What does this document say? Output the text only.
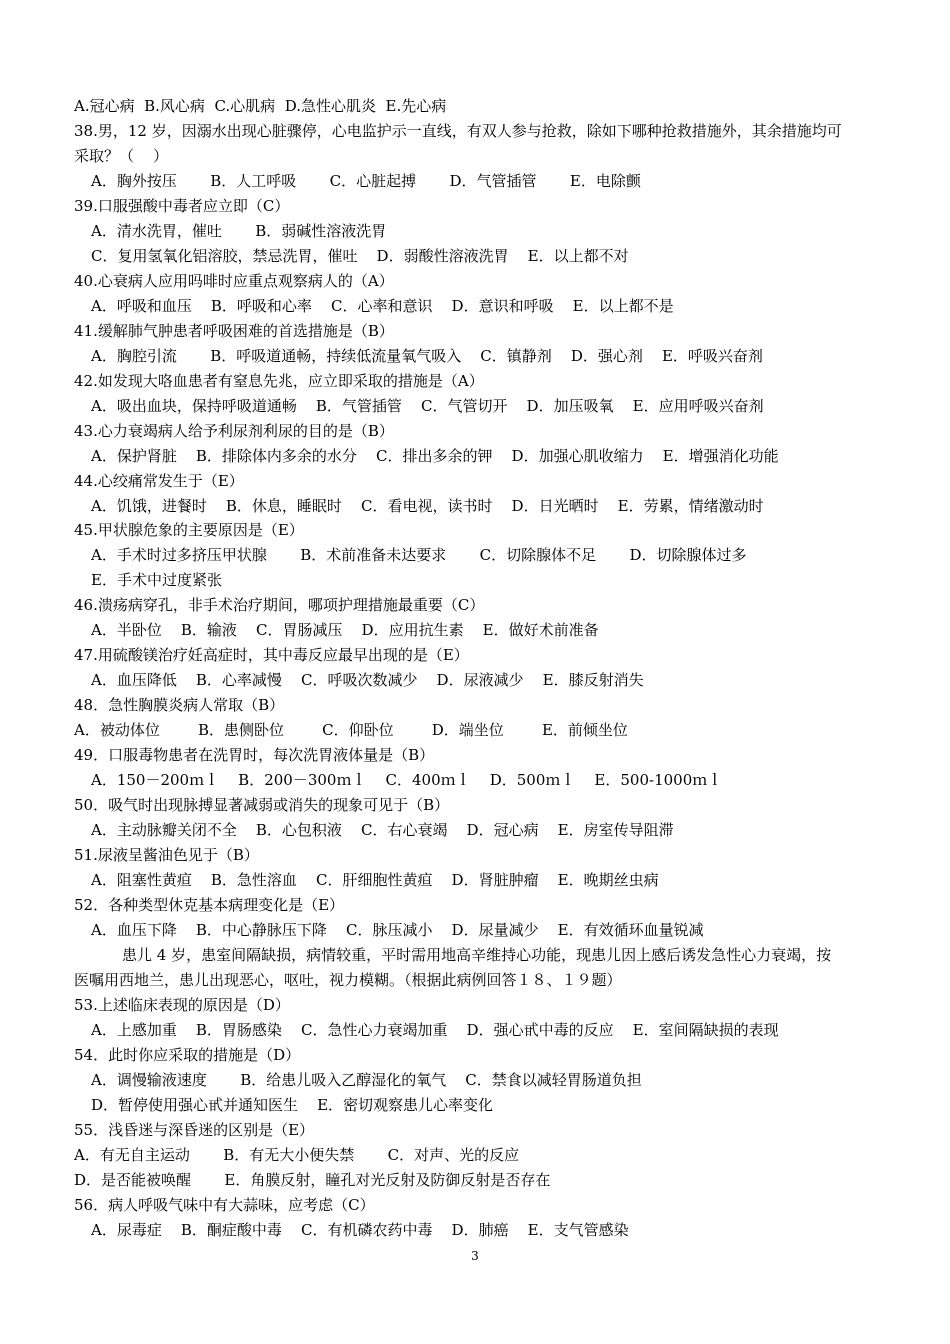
A.冠心病  B.风心病  C.心肌病  D.急性心肌炎  E.先心病
38.男，12 岁，因溺水出现心脏骤停，心电监护示一直线，有双人参与抢救，除如下哪种抢救措施外，其余措施均可
采取？（    ）
A．胸外按压       B．人工呼吸       C．心脏起搏       D．气管插管       E．电除颤
39.口服强酸中毒者应立即（C）
A．清水洗胃，催吐       B．弱碱性溶液洗胃
C．复用氢氧化铝溶胶，禁忌洗胃，催吐    D．弱酸性溶液洗胃    E．以上都不对
40.心衰病人应用吗啡时应重点观察病人的（A）
A．呼吸和血压    B．呼吸和心率    C．心率和意识    D．意识和呼吸    E．以上都不是
41.缓解肺气肿患者呼吸困难的首选措施是（B）
A．胸腔引流       B．呼吸道通畅，持续低流量氧气吸入    C．镇静剂    D．强心剂    E．呼吸兴奋剂
42.如发现大咯血患者有窒息先兆，应立即采取的措施是（A）
A．吸出血块，保持呼吸道通畅    B．气管插管    C．气管切开    D．加压吸氧    E．应用呼吸兴奋剂
43.心力衰竭病人给予利尿剂利尿的目的是（B）
A．保护肾脏    B．排除体内多余的水分    C．排出多余的钾    D．加强心肌收缩力    E．增强消化功能
44.心绞痛常发生于（E）
A．饥饿，进餐时    B．休息，睡眠时    C．看电视，读书时    D．日光晒时    E．劳累，情绪激动时
45.甲状腺危象的主要原因是（E）
A．手术时过多挤压甲状腺       B．术前准备未达要求       C．切除腺体不足       D．切除腺体过多
E．手术中过度紧张
46.溃疡病穿孔，非手术治疗期间，哪项护理措施最重要（C）
A．半卧位    B．输液    C．胃肠减压    D．应用抗生素    E．做好术前准备
47.用硫酸镁治疗妊高症时，其中毒反应最早出现的是（E）
A．血压降低    B．心率减慢    C．呼吸次数减少    D．尿液减少    E．膝反射消失
48．急性胸膜炎病人常取（B）
A．被动体位        B．患侧卧位        C．仰卧位        D．端坐位        E．前倾坐位
49．口服毒物患者在洗胃时，每次洗胃液体量是（B）
A．150－200ｍｌ    B．200－300ｍｌ    C．400ｍｌ    D．500ｍｌ    E．500-1000ｍｌ
50．吸气时出现脉搏显著减弱或消失的现象可见于（B）
A．主动脉瓣关闭不全    B．心包积液    C．右心衰竭    D．冠心病    E．房室传导阻滞
51.尿液呈酱油色见于（B）
A．阻塞性黄疸    B．急性溶血    C．肝细胞性黄疸    D．肾脏肿瘤    E．晚期丝虫病
52．各种类型休克基本病理变化是（E）
A．血压下降    B．中心静脉压下降    C．脉压减小    D．尿量减少    E．有效循环血量锐减
患儿 4 岁，患室间隔缺损，病情较重，平时需用地高辛维持心功能，现患儿因上感后诱发急性心力衰竭，按
医嘱用西地兰，患儿出现恶心，呕吐，视力模糊。（根据此病例回答１８、１９题）
53.上述临床表现的原因是（D）
A．上感加重    B．胃肠感染    C．急性心力衰竭加重    D．强心甙中毒的反应    E．室间隔缺损的表现
54．此时你应采取的措施是（D）
A．调慢输液速度       B．给患儿吸入乙醇湿化的氧气    C．禁食以减轻胃肠道负担
D．暂停使用强心甙并通知医生    E．密切观察患儿心率变化
55．浅昏迷与深昏迷的区别是（E）
A．有无自主运动       B．有无大小便失禁       C．对声、光的反应
D．是否能被唤醒       E．角膜反射，瞳孔对光反射及防御反射是否存在
56．病人呼吸气味中有大蒜味，应考虑（C）
A．尿毒症    B．酮症酸中毒    C．有机磷农药中毒    D．肺癌    E．支气管感染
3
